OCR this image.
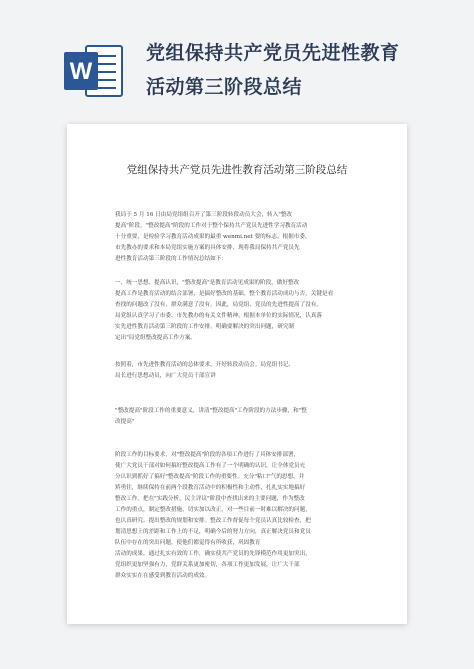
W
党组保持共产党员先进性教育
活动第三阶段总结
党组保持共产党员先进性教育活动第三阶段总结
我局于 5 月 16 日由局党组组召开了第三阶段转段动员大会，转入"整改
提高"阶段。"整改提高"阶段的工作对于整个保持共产党员先进性学习教育活动
十分重要，是检验学习教育活动成果的最重 wenmi.net 要的标志。根据市委、
市先教办的要求和本局党组实施方案的具体安排，现将我局保持共产党员先
进性教育活动第三阶段的工作情况总结如下：
一、统一思想、提高认识，"整改提高"是教育活动见成果的阶段，做好整改
提高工作是教育活动的结合部署，是搞好整改的基础。整个教育活动成功与否，关键是看
查找的问题改了没有，群众满意了没有。因此，局党组、党员的先进性提高了没有。
局党组认真学习了市委、市先教办的有关文件精神，根据本单位的实际情况，认真落
实先进性教育活动第三阶段的工作安排，明确要解决的突出问题，研究制
定出"局党组整改提高工作方案。
按照着，市先进性教育活动的总体要求，开好转段动员会。局党组书记、
局长进行思想动员，向广大党员干部宣讲
"整改提高"阶段工作的重要意义，讲清"整改提高"工作阶段的方法步骤，和"整
改提高"
阶段工作的目标要求，对"整改提高"阶段的各项工作进行了具体安排部署，
使广大党员干部对如何搞好整改提高工作有了一个明确的认识，让全体党员充
分认识到抓好了搞好"整改提高"阶段工作的重要性。充分"粘口"气的思想，并
矫勇往，继续保持在前两个段教育活动中的积极性和主动性，扎扎实实地搞好
整改工作。把在"实践分析，民主评议"阶段中查找出来的主要问题，作为整改
工作的重点，制定整改措施，切实加以改正，对一些目前一时难以解决的问题，
也认真研究、提出整改的规划和安排。整改工作督促每个党员认真比较检查，把
划清思想上的差距和工作上的不足，明确今后的努力方向，真正解决党员和党员
队伍中存在的突出问题，使他们都觉得有所收获，巩固教育
活动的成果。通过扎实有效的工作，确实使共产党员的先锋模范作用更加突出，
党组织更加坚强有力，党群关系更加密切，各项工作更加发展，让广大干部
群众实实在在感受到教育活动的成效。
